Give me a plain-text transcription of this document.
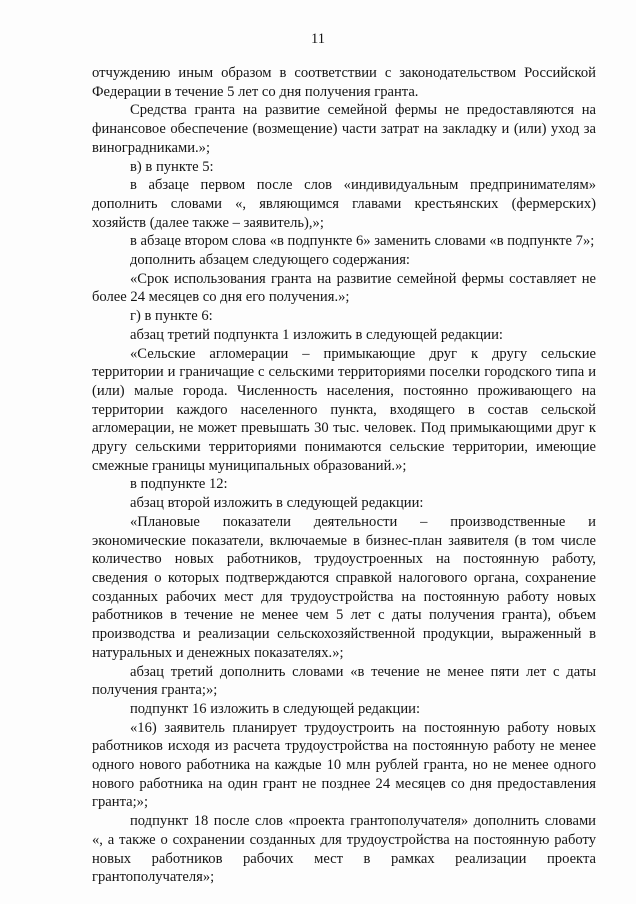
11

отчуждению иным образом в соответствии с законодательством Российской Федерации в течение 5 лет со дня получения гранта.

Средства гранта на развитие семейной фермы не предоставляются на финансовое обеспечение (возмещение) части затрат на закладку и (или) уход за виноградниками.»;

в) в пункте 5:

в абзаце первом после слов «индивидуальным предпринимателям» дополнить словами «, являющимся главами крестьянских (фермерских) хозяйств (далее также – заявитель),»;

в абзаце втором слова «в подпункте 6» заменить словами «в подпункте 7»;

дополнить абзацем следующего содержания:

«Срок использования гранта на развитие семейной фермы составляет не более 24 месяцев со дня его получения.»;

г) в пункте 6:

абзац третий подпункта 1 изложить в следующей редакции:

«Сельские агломерации – примыкающие друг к другу сельские территории и граничащие с сельскими территориями поселки городского типа и (или) малые города. Численность населения, постоянно проживающего на территории каждого населенного пункта, входящего в состав сельской агломерации, не может превышать 30 тыс. человек. Под примыкающими друг к другу сельскими территориями понимаются сельские территории, имеющие смежные границы муниципальных образований.»;

в подпункте 12:

абзац второй изложить в следующей редакции:

«Плановые показатели деятельности – производственные и экономические показатели, включаемые в бизнес-план заявителя (в том числе количество новых работников, трудоустроенных на постоянную работу, сведения о которых подтверждаются справкой налогового органа, сохранение созданных рабочих мест для трудоустройства на постоянную работу новых работников в течение не менее чем 5 лет с даты получения гранта), объем производства и реализации сельскохозяйственной продукции, выраженный в натуральных и денежных показателях.»;

абзац третий дополнить словами «в течение не менее пяти лет с даты получения гранта;»;

подпункт 16 изложить в следующей редакции:

«16) заявитель планирует трудоустроить на постоянную работу новых работников исходя из расчета трудоустройства на постоянную работу не менее одного нового работника на каждые 10 млн рублей гранта, но не менее одного нового работника на один грант не позднее 24 месяцев со дня предоставления гранта;»;

подпункт 18 после слов «проекта грантополучателя» дополнить словами «, а также о сохранении созданных для трудоустройства на постоянную работу новых работников рабочих мест в рамках реализации проекта грантополучателя»;
